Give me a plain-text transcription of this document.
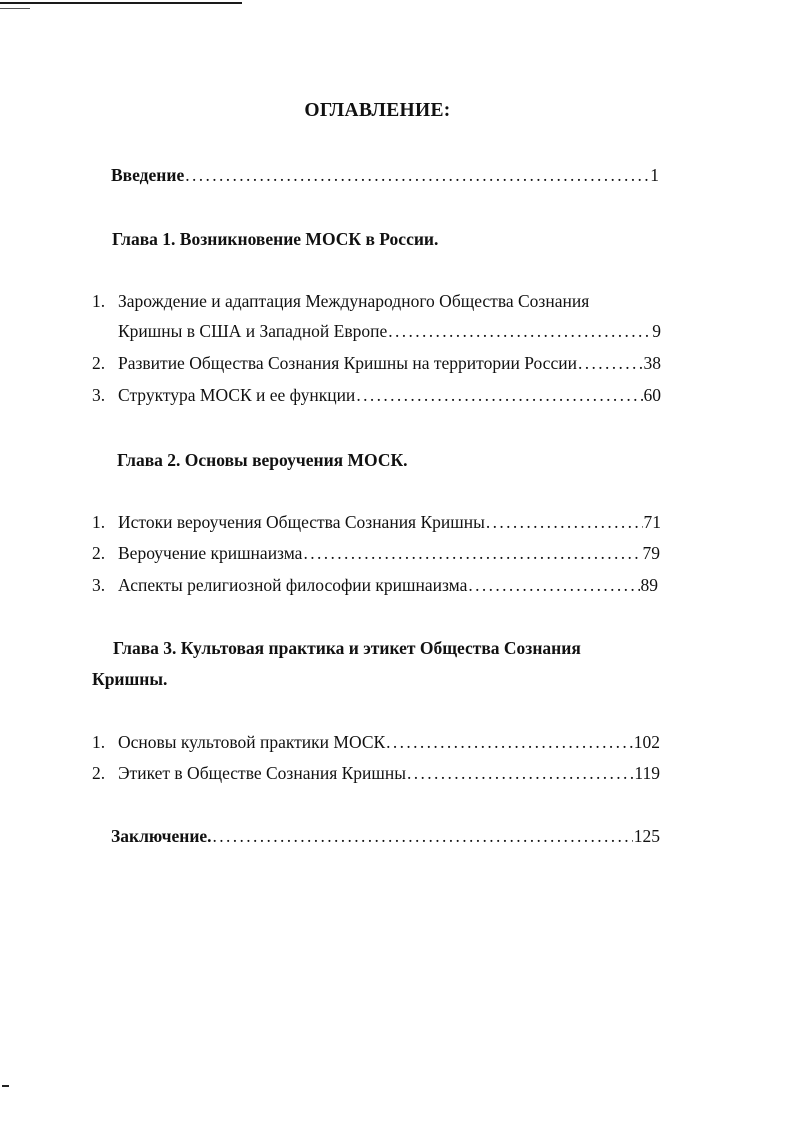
ОГЛАВЛЕНИЕ:
Введение . . .	1
Глава 1. Возникновение МОСК в России.
1. Зарождение и адаптация Международного Общества Сознания
Кришны в США и Западной Европе . . .	9
2. Развитие Общества Сознания Кришны на территории России . . .	38
3. Структура МОСК и ее функции . . .	60
Глава 2. Основы вероучения МОСК.
1. Истоки вероучения Общества Сознания Кришны . . .	71
2. Вероучение кришнаизма . . .	79
3. Аспекты религиозной философии кришнаизма . . .	89
Глава 3. Культовая практика и этикет Общества Сознания
Кришны.
1. Основы культовой практики МОСК . . .	102
2. Этикет в Обществе Сознания Кришны . . .	119
Заключение. . . .	125
